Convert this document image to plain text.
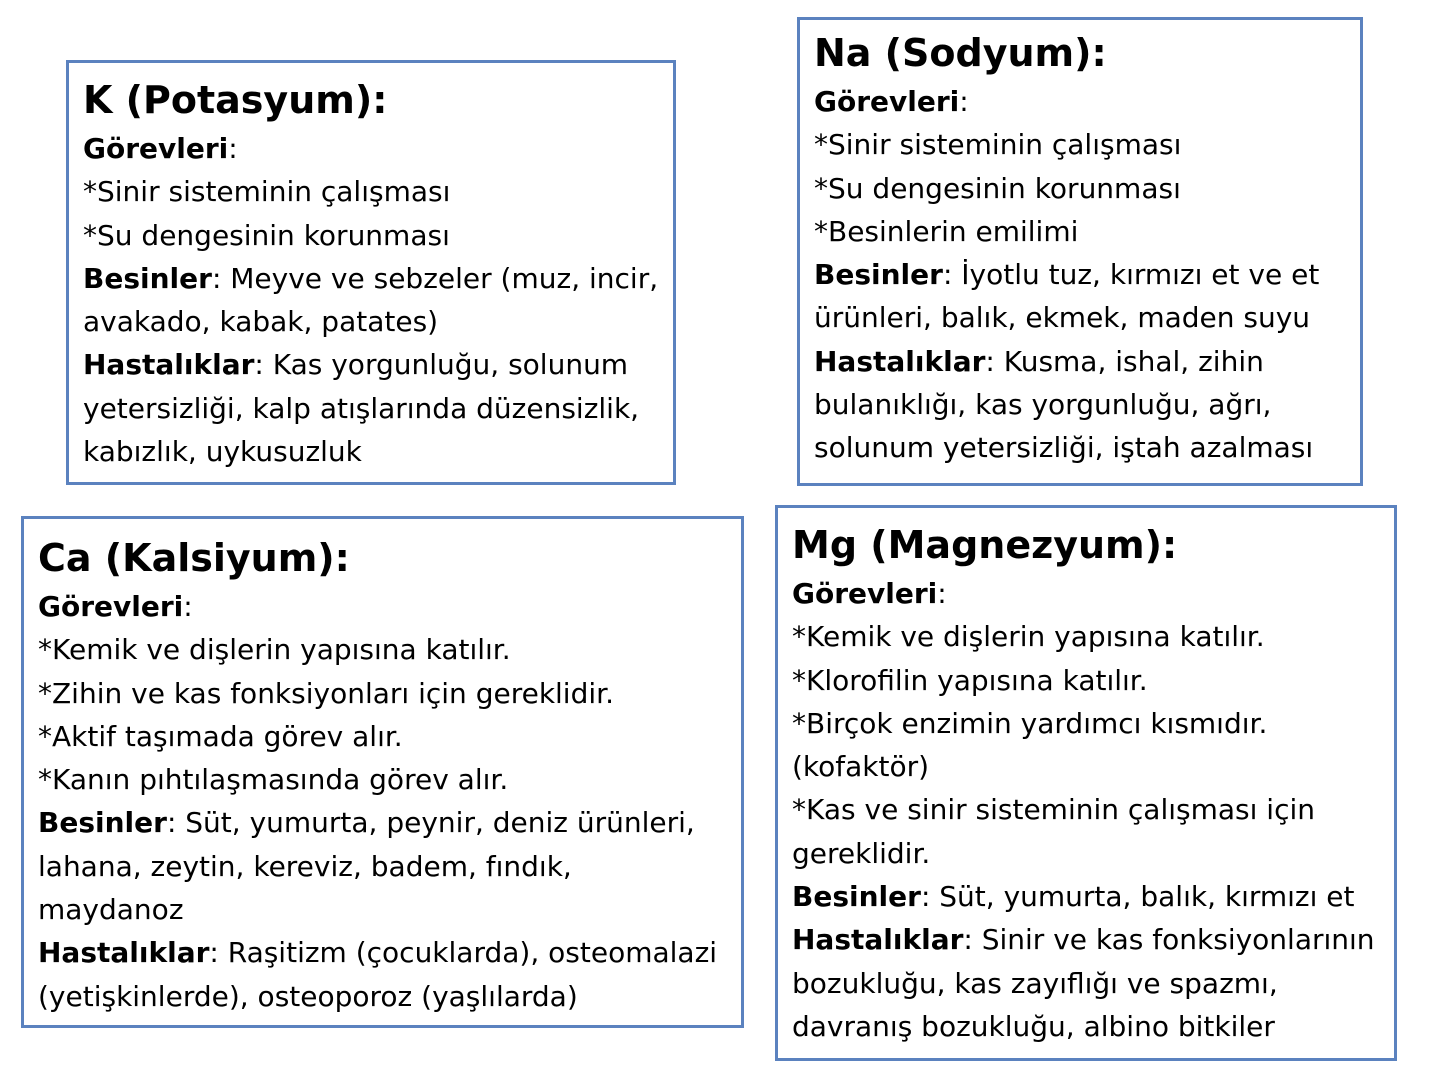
K (Potasyum):
Görevleri:
*Sinir sisteminin çalışması
*Su dengesinin korunması
Besinler: Meyve ve sebzeler (muz, incir,
avakado, kabak, patates)
Hastalıklar: Kas yorgunluğu, solunum
yetersizliği, kalp atışlarında düzensizlik,
kabızlık, uykusuzluk
Na (Sodyum):
Görevleri:
*Sinir sisteminin çalışması
*Su dengesinin korunması
*Besinlerin emilimi
Besinler: İyotlu tuz, kırmızı et ve et
ürünleri, balık, ekmek, maden suyu
Hastalıklar: Kusma, ishal, zihin
bulanıklığı, kas yorgunluğu, ağrı,
solunum yetersizliği, iştah azalması
Ca (Kalsiyum):
Görevleri:
*Kemik ve dişlerin yapısına katılır.
*Zihin ve kas fonksiyonları için gereklidir.
*Aktif taşımada görev alır.
*Kanın pıhtılaşmasında görev alır.
Besinler: Süt, yumurta, peynir, deniz ürünleri,
lahana, zeytin, kereviz, badem, fındık,
maydanoz
Hastalıklar: Raşitizm (çocuklarda), osteomalazi
(yetişkinlerde), osteoporoz (yaşlılarda)
Mg (Magnezyum):
Görevleri:
*Kemik ve dişlerin yapısına katılır.
*Klorofilin yapısına katılır.
*Birçok enzimin yardımcı kısmıdır.
(kofaktör)
*Kas ve sinir sisteminin çalışması için
gereklidir.
Besinler: Süt, yumurta, balık, kırmızı et
Hastalıklar: Sinir ve kas fonksiyonlarının
bozukluğu, kas zayıflığı ve spazmı,
davranış bozukluğu, albino bitkiler
